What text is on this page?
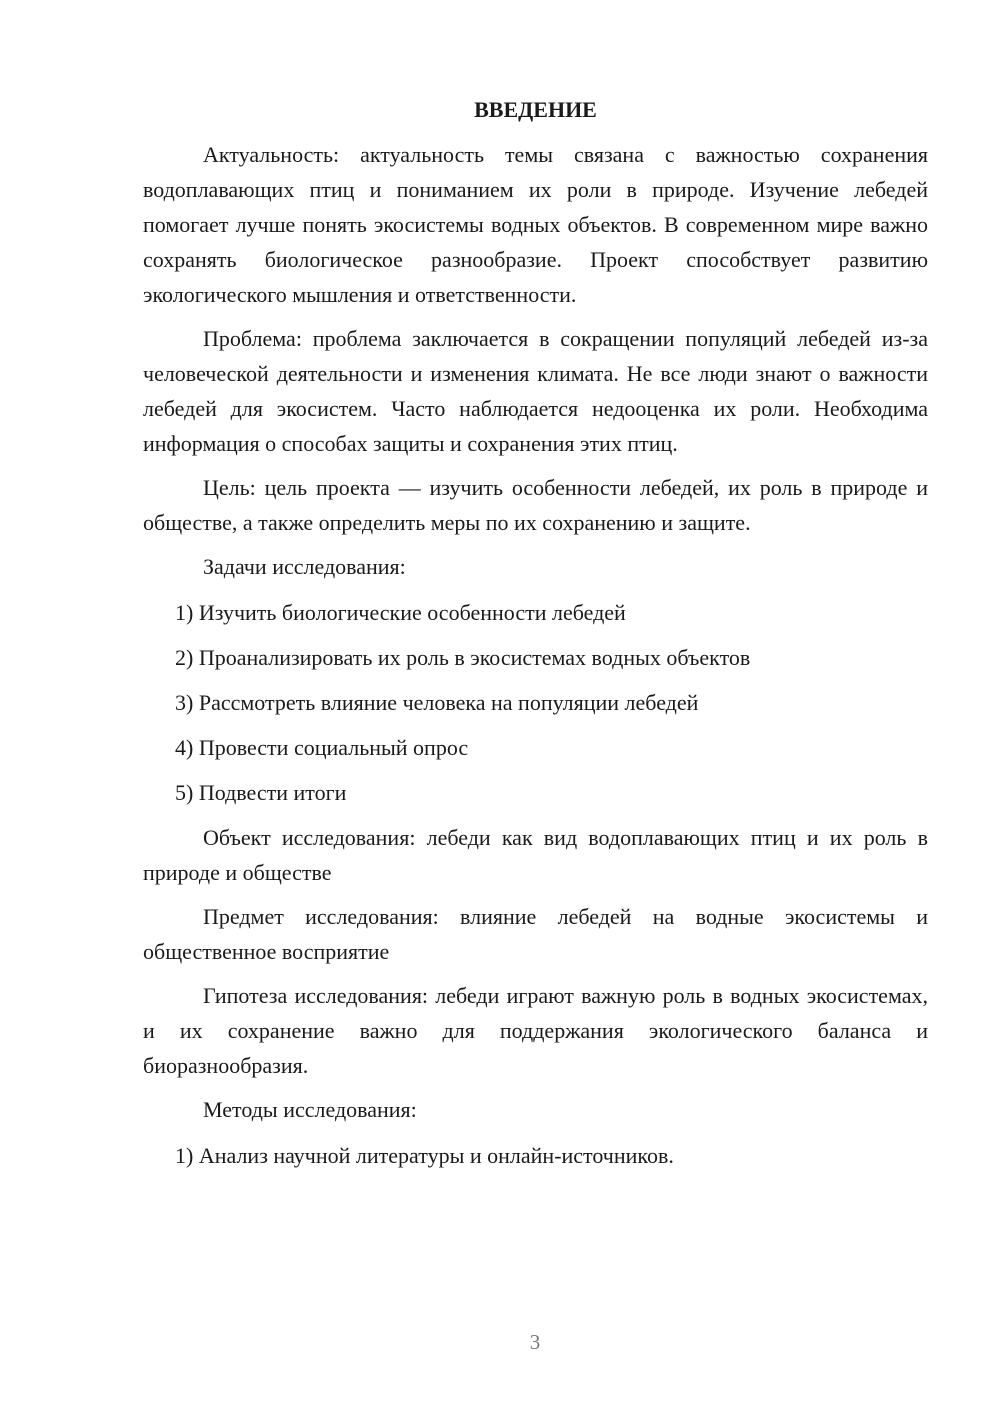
ВВЕДЕНИЕ

Актуальность: актуальность темы связана с важностью сохранения водоплавающих птиц и пониманием их роли в природе. Изучение лебедей помогает лучше понять экосистемы водных объектов. В современном мире важно сохранять биологическое разнообразие. Проект способствует развитию экологического мышления и ответственности.

Проблема: проблема заключается в сокращении популяций лебедей из-за человеческой деятельности и изменения климата. Не все люди знают о важности лебедей для экосистем. Часто наблюдается недооценка их роли. Необходима информация о способах защиты и сохранения этих птиц.

Цель: цель проекта — изучить особенности лебедей, их роль в природе и обществе, а также определить меры по их сохранению и защите.

Задачи исследования:

1) Изучить биологические особенности лебедей

2) Проанализировать их роль в экосистемах водных объектов

3) Рассмотреть влияние человека на популяции лебедей

4) Провести социальный опрос

5) Подвести итоги

Объект исследования: лебеди как вид водоплавающих птиц и их роль в природе и обществе

Предмет исследования: влияние лебедей на водные экосистемы и общественное восприятие

Гипотеза исследования: лебеди играют важную роль в водных экосистемах, и их сохранение важно для поддержания экологического баланса и биоразнообразия.

Методы исследования:

1) Анализ научной литературы и онлайн-источников.

3
